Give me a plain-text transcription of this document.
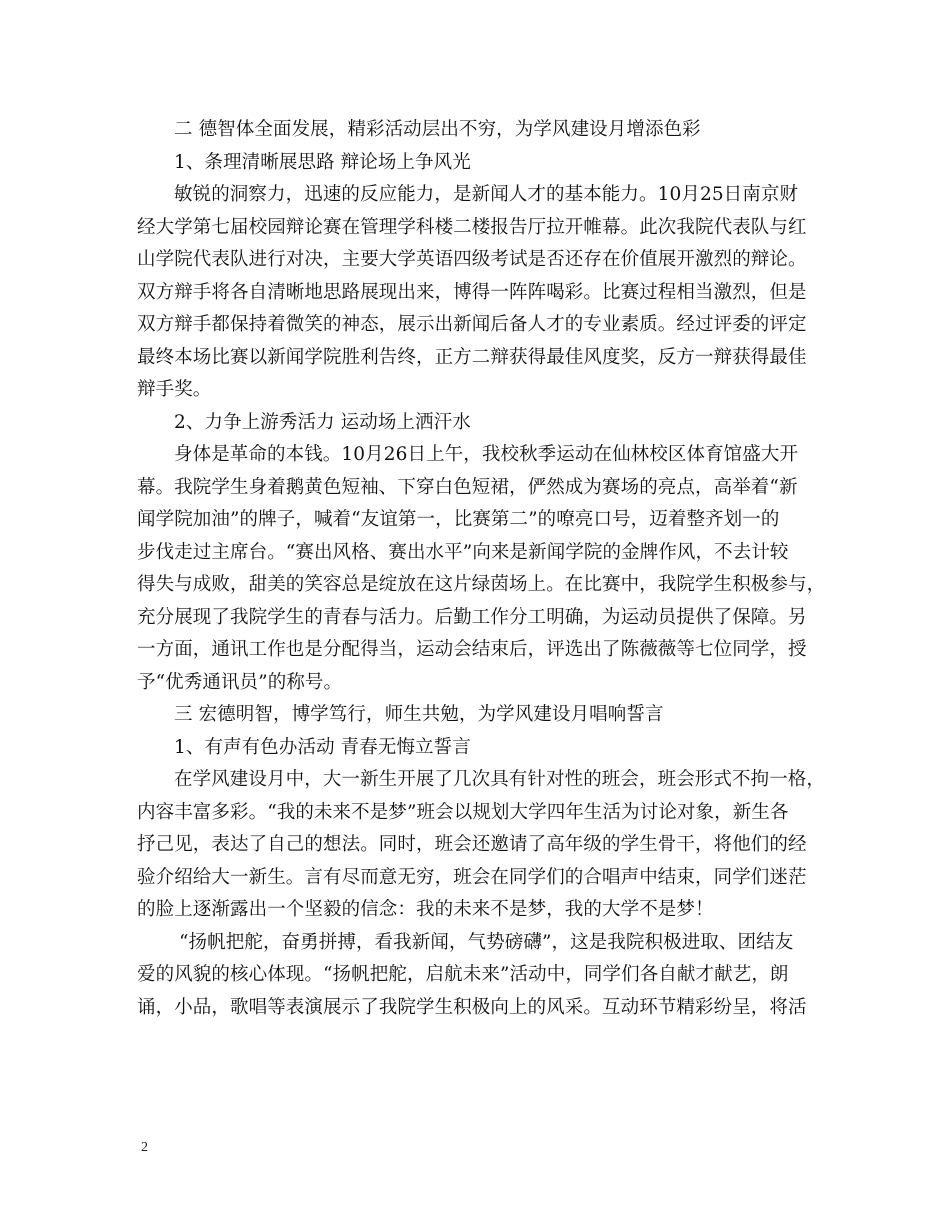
二 德智体全面发展，精彩活动层出不穷，为学风建设月增添色彩
1、条理清晰展思路 辩论场上争风光
敏锐的洞察力，迅速的反应能力，是新闻人才的基本能力。10月25日南京财
经大学第七届校园辩论赛在管理学科楼二楼报告厅拉开帷幕。此次我院代表队与红
山学院代表队进行对决，主要大学英语四级考试是否还存在价值展开激烈的辩论。
双方辩手将各自清晰地思路展现出来，博得一阵阵喝彩。比赛过程相当激烈，但是
双方辩手都保持着微笑的神态，展示出新闻后备人才的专业素质。经过评委的评定
最终本场比赛以新闻学院胜利告终，正方二辩获得最佳风度奖，反方一辩获得最佳
辩手奖。
2、力争上游秀活力 运动场上洒汗水
身体是革命的本钱。10月26日上午，我校秋季运动在仙林校区体育馆盛大开
幕。我院学生身着鹅黄色短袖、下穿白色短裙，俨然成为赛场的亮点，高举着“新
闻学院加油”的牌子，喊着“友谊第一，比赛第二”的嘹亮口号，迈着整齐划一的
步伐走过主席台。“赛出风格、赛出水平”向来是新闻学院的金牌作风，不去计较
得失与成败，甜美的笑容总是绽放在这片绿茵场上。在比赛中，我院学生积极参与，
充分展现了我院学生的青春与活力。后勤工作分工明确，为运动员提供了保障。另
一方面，通讯工作也是分配得当，运动会结束后，评选出了陈薇薇等七位同学，授
予“优秀通讯员”的称号。
三 宏德明智，博学笃行，师生共勉，为学风建设月唱响誓言
1、有声有色办活动 青春无悔立誓言
在学风建设月中，大一新生开展了几次具有针对性的班会，班会形式不拘一格，
内容丰富多彩。“我的未来不是梦”班会以规划大学四年生活为讨论对象，新生各
抒己见，表达了自己的想法。同时，班会还邀请了高年级的学生骨干，将他们的经
验介绍给大一新生。言有尽而意无穷，班会在同学们的合唱声中结束，同学们迷茫
的脸上逐渐露出一个坚毅的信念：我的未来不是梦，我的大学不是梦！
“扬帆把舵，奋勇拼搏，看我新闻，气势磅礴”，这是我院积极进取、团结友
爱的风貌的核心体现。“扬帆把舵，启航未来”活动中，同学们各自献才献艺，朗
诵，小品，歌唱等表演展示了我院学生积极向上的风采。互动环节精彩纷呈，将活
2
